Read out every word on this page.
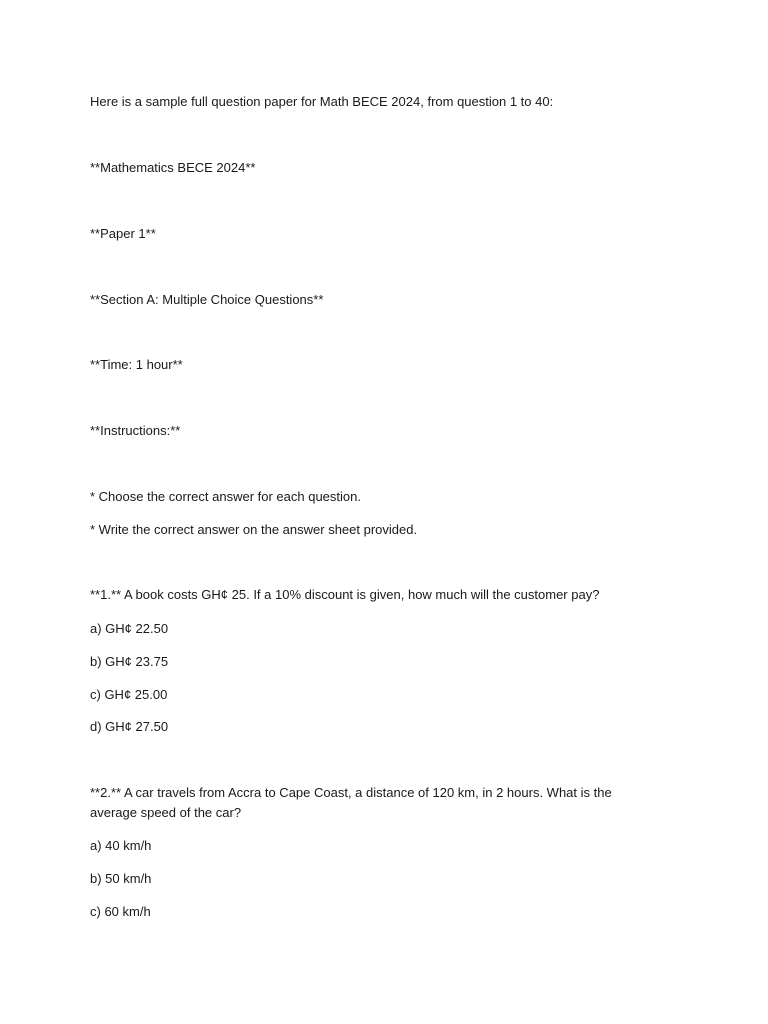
Here is a sample full question paper for Math BECE 2024, from question 1 to 40:
**Mathematics BECE 2024**
**Paper 1**
**Section A: Multiple Choice Questions**
**Time: 1 hour**
**Instructions:**
* Choose the correct answer for each question.
* Write the correct answer on the answer sheet provided.
**1.** A book costs GH¢ 25. If a 10% discount is given, how much will the customer pay?
a) GH¢ 22.50
b) GH¢ 23.75
c) GH¢ 25.00
d) GH¢ 27.50
**2.** A car travels from Accra to Cape Coast, a distance of 120 km, in 2 hours. What is the average speed of the car?
a) 40 km/h
b) 50 km/h
c) 60 km/h
